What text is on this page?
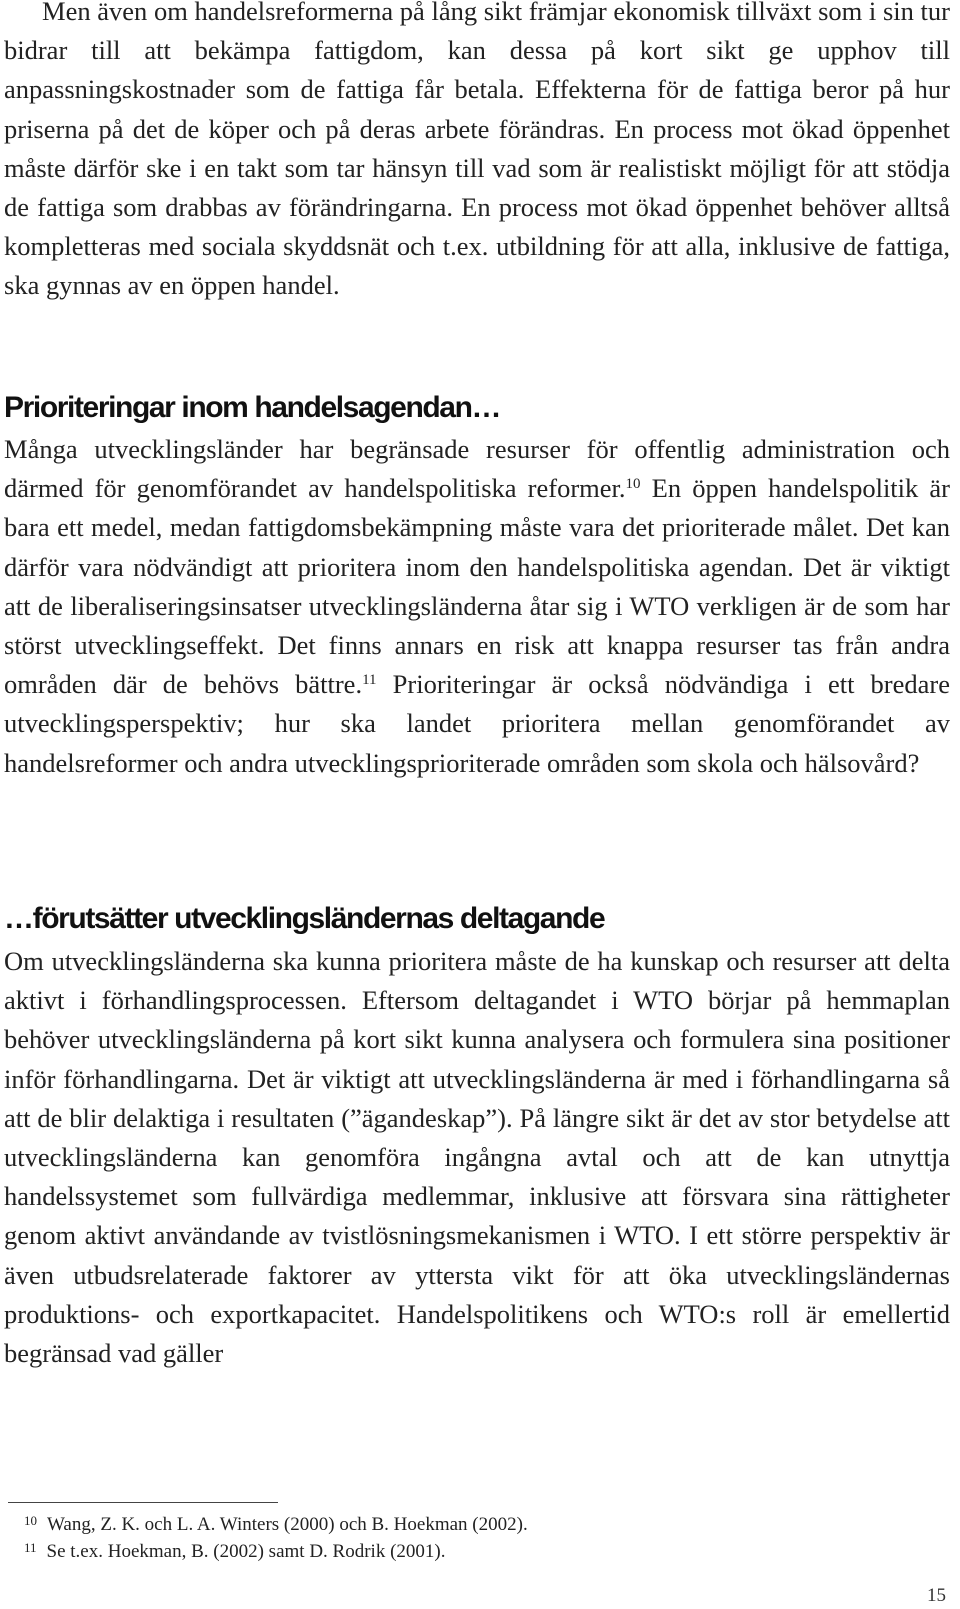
Men även om handelsreformerna på lång sikt främjar ekonomisk tillväxt som i sin tur bidrar till att bekämpa fattigdom, kan dessa på kort sikt ge upphov till anpassningskostnader som de fattiga får betala. Effekterna för de fattiga beror på hur priserna på det de köper och på deras arbete förändras. En process mot ökad öppenhet måste därför ske i en takt som tar hänsyn till vad som är realistiskt möjligt för att stödja de fattiga som drabbas av förändringarna. En process mot ökad öppenhet behöver alltså kompletteras med sociala skyddsnät och t.ex. utbildning för att alla, inklusive de fattiga, ska gynnas av en öppen handel.

Prioriteringar inom handelsagendan…

Många utvecklingsländer har begränsade resurser för offentlig administration och därmed för genomförandet av handelspolitiska reformer.$^{10}$ En öppen handelspolitik är bara ett medel, medan fattigdomsbekämpning måste vara det prioriterade målet. Det kan därför vara nödvändigt att prioritera inom den handelspolitiska agendan. Det är viktigt att de liberaliseringsinsatser utvecklingsländerna åtar sig i WTO verkligen är de som har störst utvecklingseffekt. Det finns annars en risk att knappa resurser tas från andra områden där de behövs bättre.$^{11}$ Prioriteringar är också nödvändiga i ett bredare utvecklingsperspektiv; hur ska landet prioritera mellan genomförandet av handelsreformer och andra utvecklingsprioriterade områden som skola och hälsovård?

…förutsätter utvecklingsländernas deltagande

Om utvecklingsländerna ska kunna prioritera måste de ha kunskap och resurser att delta aktivt i förhandlingsprocessen. Eftersom deltagandet i WTO börjar på hemmaplan behöver utvecklingsländerna på kort sikt kunna analysera och formulera sina positioner inför förhandlingarna. Det är viktigt att utvecklingsländerna är med i förhandlingarna så att de blir delaktiga i resultaten (”ägandeskap”). På längre sikt är det av stor betydelse att utvecklingsländerna kan genomföra ingångna avtal och att de kan utnyttja handelssystemet som fullvärdiga medlemmar, inklusive att försvara sina rättigheter genom aktivt användande av tvistlösningsmekanismen i WTO. I ett större perspektiv är även utbudsrelaterade faktorer av yttersta vikt för att öka utvecklingsländernas produktions- och exportkapacitet. Handelspolitikens och WTO:s roll är emellertid begränsad vad gäller

$^{10}$ Wang, Z. K. och L. A. Winters (2000) och B. Hoekman (2002).
$^{11}$ Se t.ex. Hoekman, B. (2002) samt D. Rodrik (2001).
15
